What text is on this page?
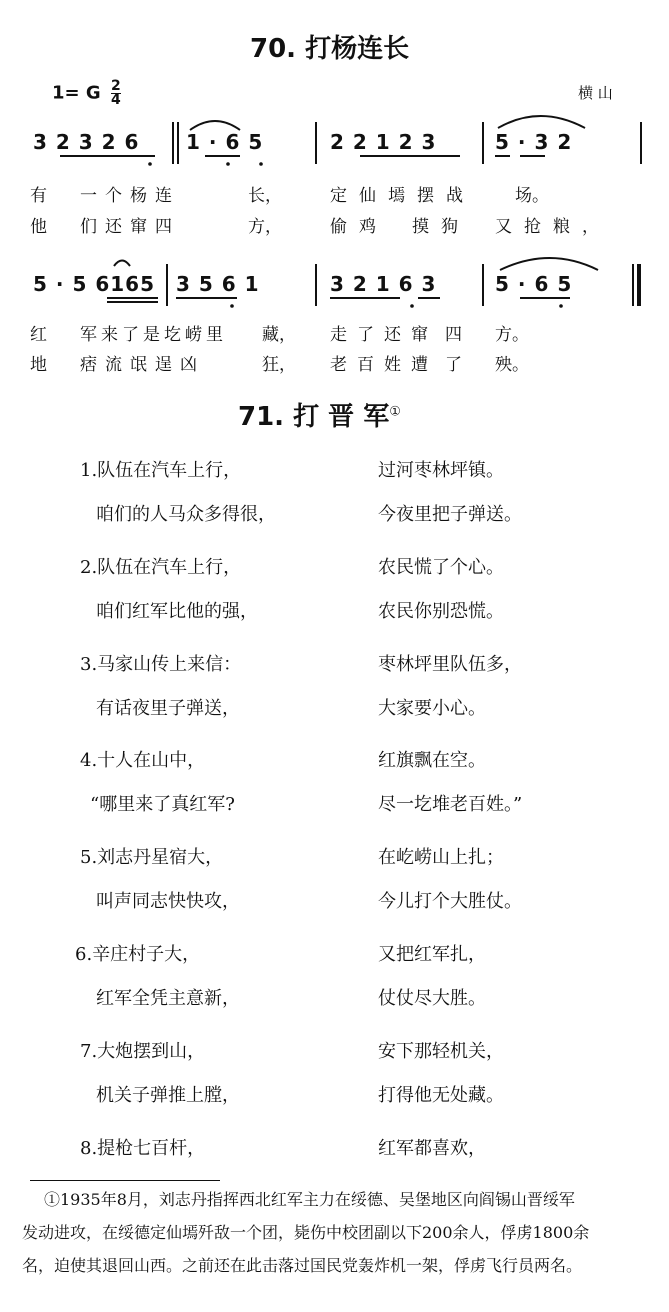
70. 打杨连长
1= G $\frac{2}{4}$	横 山
3 2 3 2 6 1 · 6 5	2 2 1 2 3	5 · 3 2
有 一个杨连	长，	定仙墕摆战 场。
他 们还窜四	方，	偷鸡 摸狗 又抢粮，
5 · 5 6165 3 5 6 1	3 2 1 6 3	5 · 6 5
红 军来了是圪崂里 藏， 走了还窜 四 方。
地 痞流氓逞凶	狂， 老百姓遭 了 殃。
71. 打 晋 军①
1.队伍在汽车上行，	过河枣林坪镇。
咱们的人马众多得很，	今夜里把子弹送。
2.队伍在汽车上行，	农民慌了个心。
咱们红军比他的强，	农民你别恐慌。
3.马家山传上来信：	枣林坪里队伍多，
有话夜里子弹送，	大家要小心。
4.十人在山中，	红旗飘在空。
“哪里来了真红军?	尽一圪堆老百姓。”
5.刘志丹星宿大，	在屹崂山上扎；
叫声同志快快攻，	今儿打个大胜仗。
6.辛庄村子大，	又把红军扎，
红军全凭主意新，	仗仗尽大胜。
7.大炮摆到山，	安下那轻机关，
机关子弹推上膛，	打得他无处藏。
8.提枪七百杆，	红军都喜欢，
①1935年8月，刘志丹指挥西北红军主力在绥德、吴堡地区向阎锡山晋绥军
发动进攻，在绥德定仙墕歼敌一个团，毙伤中校团副以下200余人，俘虏1800余
名，迫使其退回山西。之前还在此击落过国民党轰炸机一架，俘虏飞行员两名。
